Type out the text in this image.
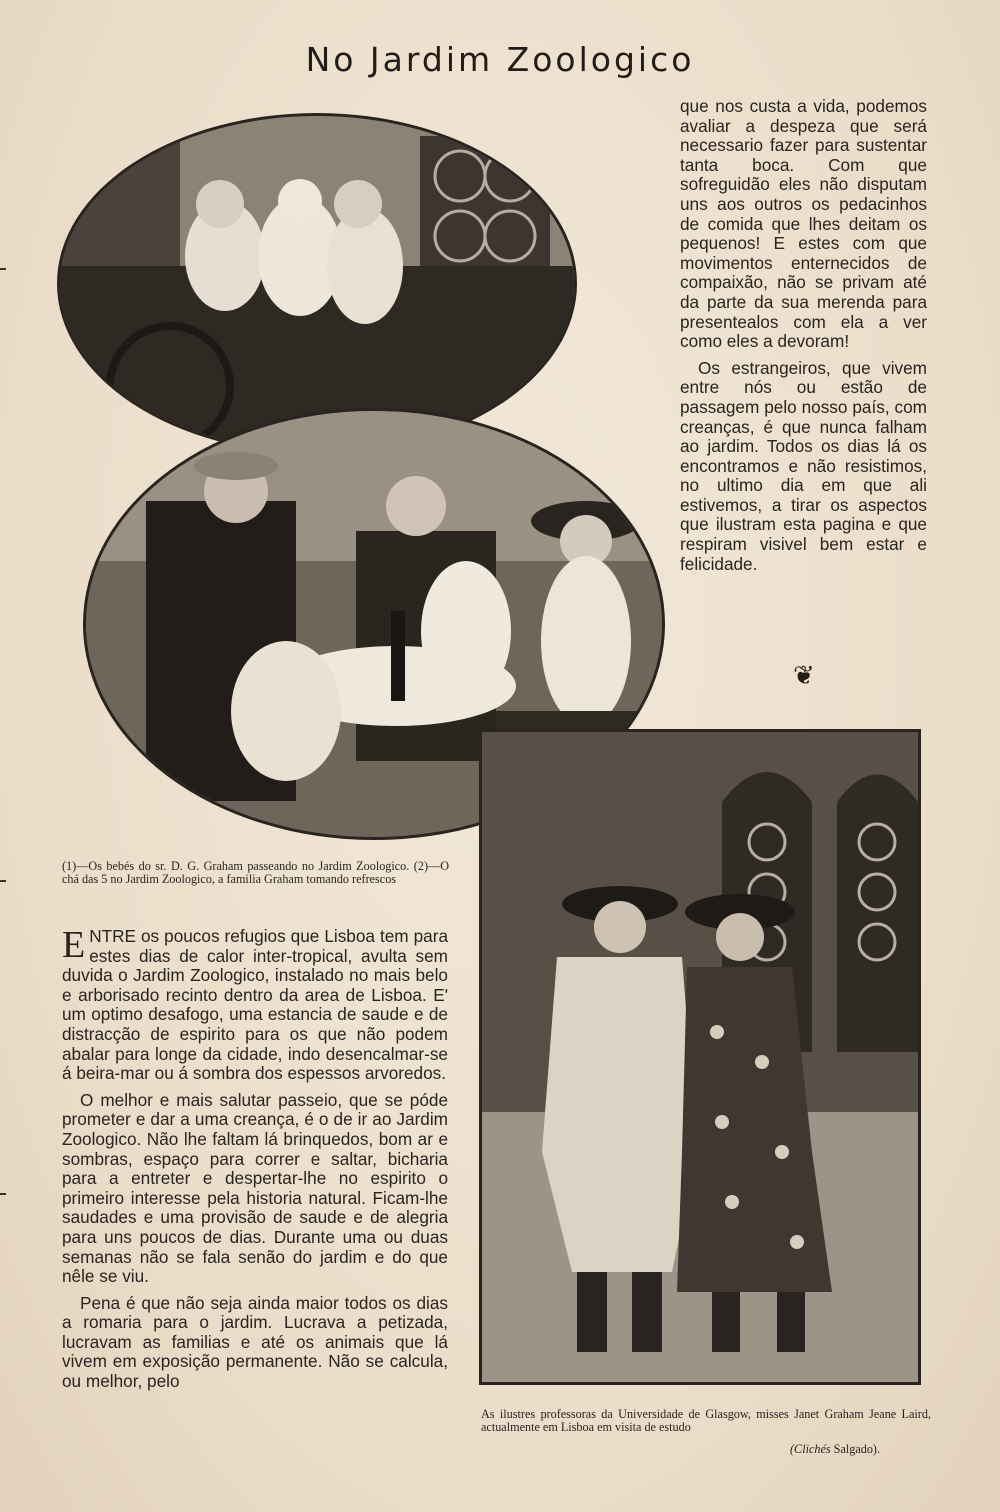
No Jardim Zoologico

que nos custa a vida, podemos avaliar a despeza que será necessario fazer para sustentar tanta boca. Com que sofreguidão eles não disputam uns aos outros os pedacinhos de comida que lhes deitam os pequenos! E estes com que movimentos enternecidos de compaixão, não se privam até da parte da sua merenda para presentealos com ela a ver como eles a devoram!

Os estrangeiros, que vivem entre nós ou estão de passagem pelo nosso país, com creanças, é que nunca falham ao jardim. Todos os dias lá os encontramos e não resistimos, no ultimo dia em que ali estivemos, a tirar os aspectos que ilustram esta pagina e que respiram visivel bem estar e felicidade.

❦
(1)—Os bebés do sr. D. G. Graham passeando no Jardim Zoologico. (2)—O chá das 5 no Jardim Zoologico, a familia Graham tomando refrescos

ENTRE os poucos refugios que Lisboa tem para estes dias de calor inter-tropical, avulta sem duvida o Jardim Zoologico, instalado no mais belo e arborisado recinto dentro da area de Lisboa. E' um optimo desafogo, uma estancia de saude e de distracção de espirito para os que não podem abalar para longe da cidade, indo desencalmar-se á beira-mar ou á sombra dos espessos arvoredos.

O melhor e mais salutar passeio, que se póde prometer e dar a uma creança, é o de ir ao Jardim Zoologico. Não lhe faltam lá brinquedos, bom ar e sombras, espaço para correr e saltar, bicharia para a entreter e despertar-lhe no espirito o primeiro interesse pela historia natural. Ficam-lhe saudades e uma provisão de saude e de alegria para uns poucos de dias. Durante uma ou duas semanas não se fala senão do jardim e do que nêle se viu.

Pena é que não seja ainda maior todos os dias a romaria para o jardim. Lucrava a petizada, lucravam as familias e até os animais que lá vivem em exposição permanente. Não se calcula, ou melhor, pelo

As ilustres professoras da Universidade de Glasgow, misses Janet Graham Jeane Laird, actualmente em Lisboa em visita de estudo
(Clichés Salgado).
